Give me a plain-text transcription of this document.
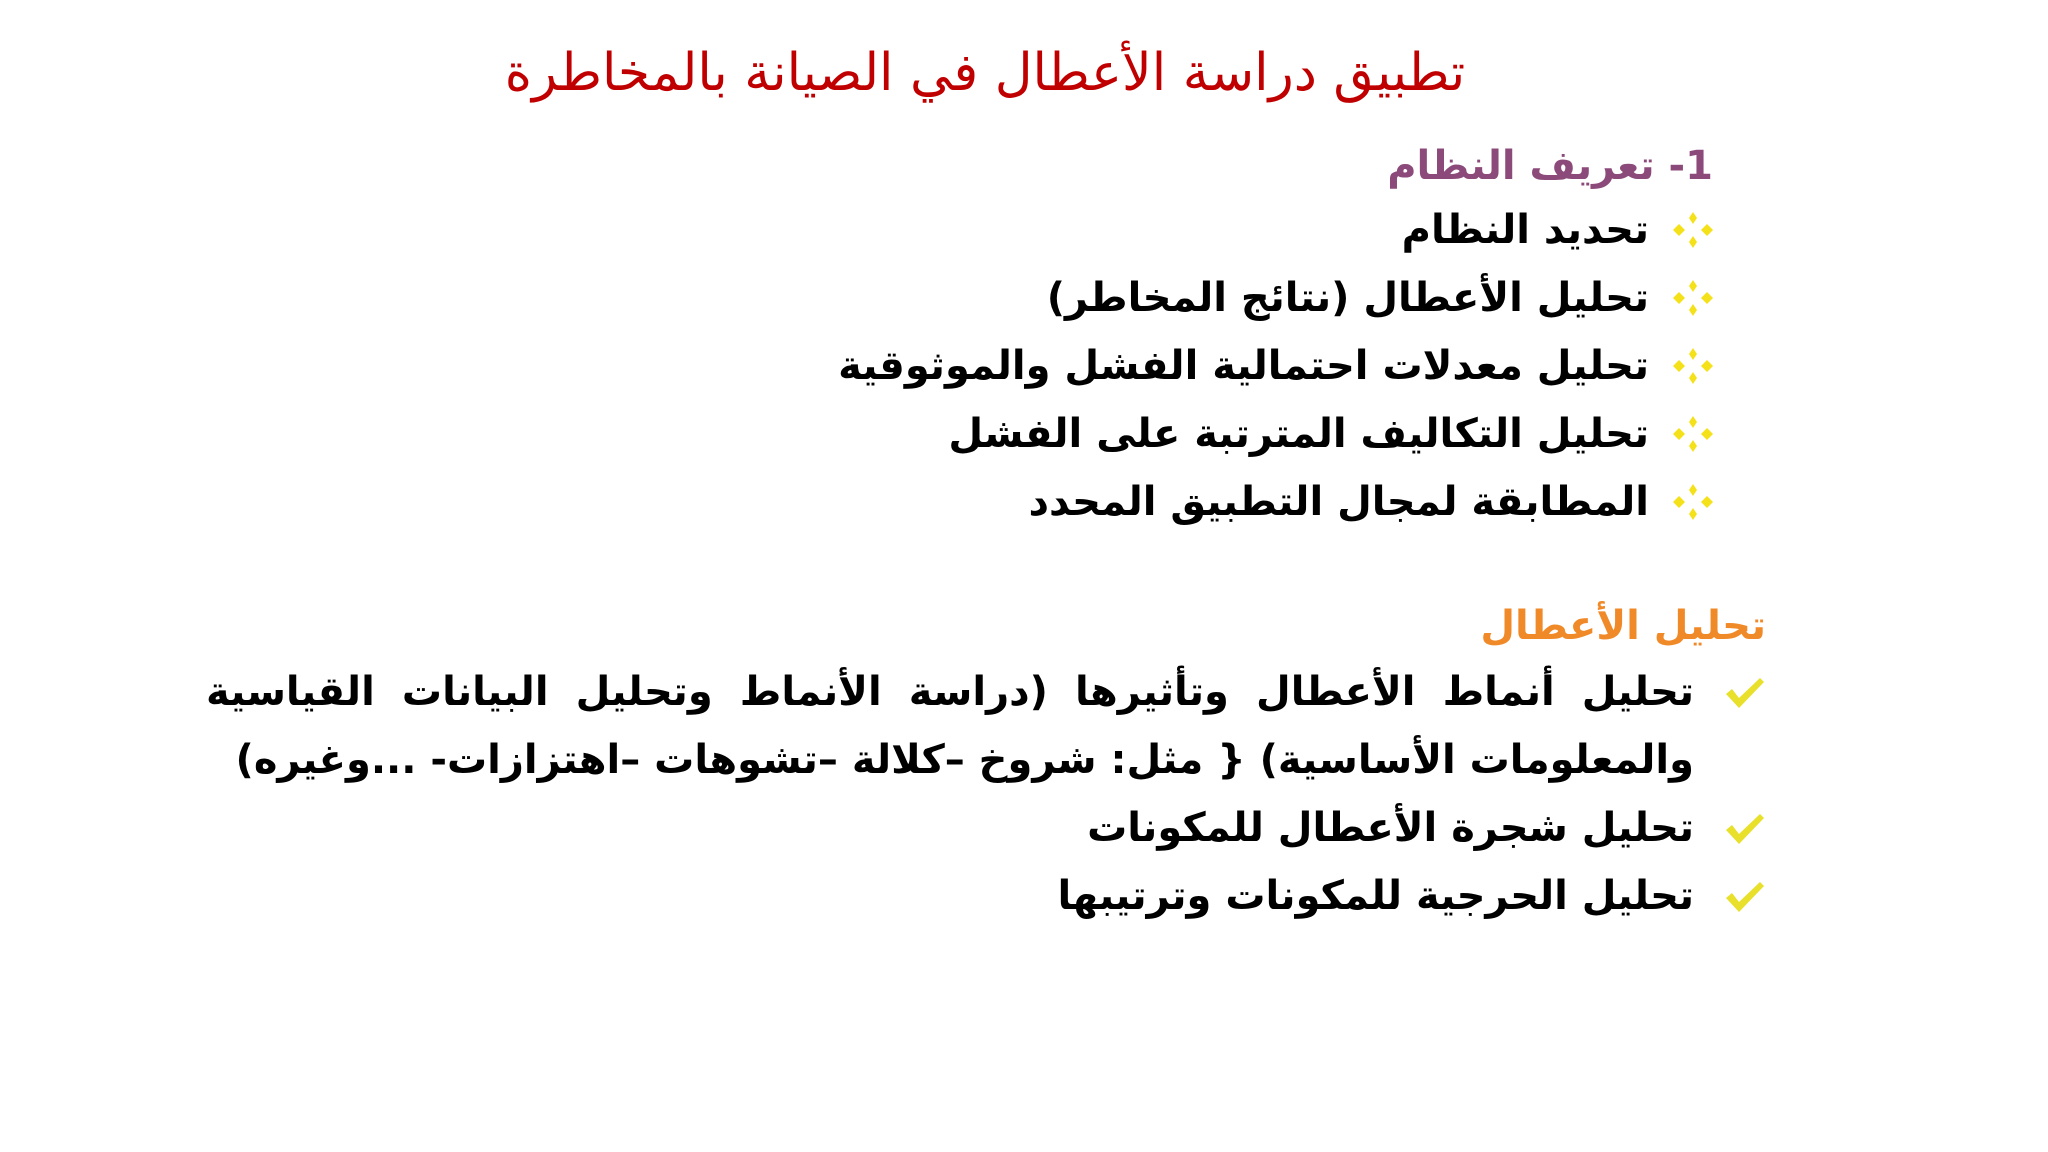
تطبيق دراسة الأعطال في الصيانة بالمخاطرة
1- تعريف النظام
تحديد النظام
تحليل الأعطال (نتائج المخاطر)
تحليل معدلات احتمالية الفشل والموثوقية
تحليل التكاليف المترتبة على الفشل
المطابقة لمجال التطبيق المحدد
تحليل الأعطال
تحليل أنماط الأعطال وتأثيرها (دراسة الأنماط وتحليل البيانات القياسية والمعلومات الأساسية) { مثل: شروخ –كلالة –تشوهات –اهتزازات- ...وغيره)
تحليل شجرة الأعطال للمكونات
تحليل الحرجية للمكونات وترتيبها
